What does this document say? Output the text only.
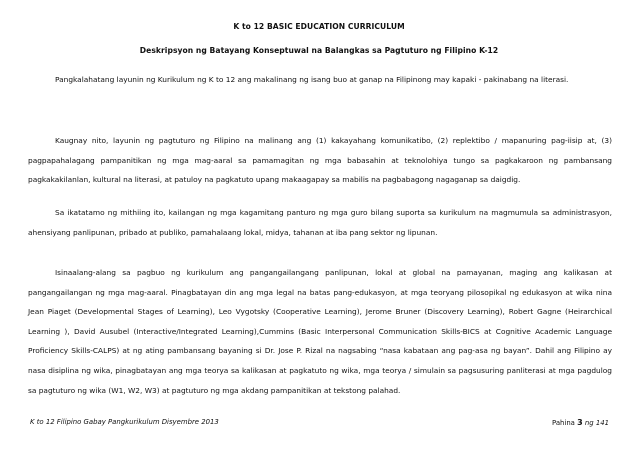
K to 12 BASIC EDUCATION CURRICULUM
Deskripsyon ng Batayang Konseptuwal na Balangkas sa Pagtuturo ng Filipino K-12

Pangkalahatang layunin ng Kurikulum ng K to 12 ang makalinang ng isang buo at ganap na Filipinong may kapaki - pakinabang na literasi.

Kaugnay nito, layunin ng pagtuturo ng Filipino na malinang ang (1) kakayahang komunikatibo, (2) replektibo / mapanuring pag-iisip at, (3) pagpapahalagang pampanitikan ng mga mag-aaral sa pamamagitan ng mga babasahin at teknolohiya tungo sa pagkakaroon ng pambansang pagkakakilanlan, kultural na literasi, at patuloy na pagkatuto upang makaagapay sa mabilis na pagbabagong nagaganap sa daigdig.

Sa ikatatamo ng mithiing ito, kailangan ng mga kagamitang panturo ng mga guro bilang suporta sa kurikulum na magmumula sa administrasyon, ahensiyang panlipunan, pribado at publiko, pamahalaang lokal, midya, tahanan at iba pang sektor ng lipunan.

Isinaalang-alang sa pagbuo ng kurikulum ang pangangailangang panlipunan, lokal at global na pamayanan, maging ang kalikasan at pangangailangan ng mga mag-aaral. Pinagbatayan din ang mga legal na batas pang-edukasyon, at mga teoryang pilosopikal ng edukasyon at wika nina Jean Piaget (Developmental Stages of Learning), Leo Vygotsky (Cooperative Learning), Jerome Bruner (Discovery Learning), Robert Gagne (Heirarchical Learning ), David Ausubel (Interactive/Integrated Learning),Cummins (Basic Interpersonal Communication Skills-BICS at Cognitive Academic Language Proficiency Skills-CALPS) at ng ating pambansang bayaning si Dr. Jose P. Rizal na nagsabing “nasa kabataan ang pag-asa ng bayan”. Dahil ang Filipino ay nasa disiplina ng wika, pinagbatayan ang mga teorya sa kalikasan at pagkatuto ng wika, mga teorya / simulain sa pagsusuring panliterasi at mga pagdulog sa pagtuturo ng wika (W1, W2, W3) at pagtuturo ng mga akdang pampanitikan at tekstong palahad.

K to 12 Filipino Gabay Pangkurikulum Disyembre 2013	Pahina 3 ng 141
